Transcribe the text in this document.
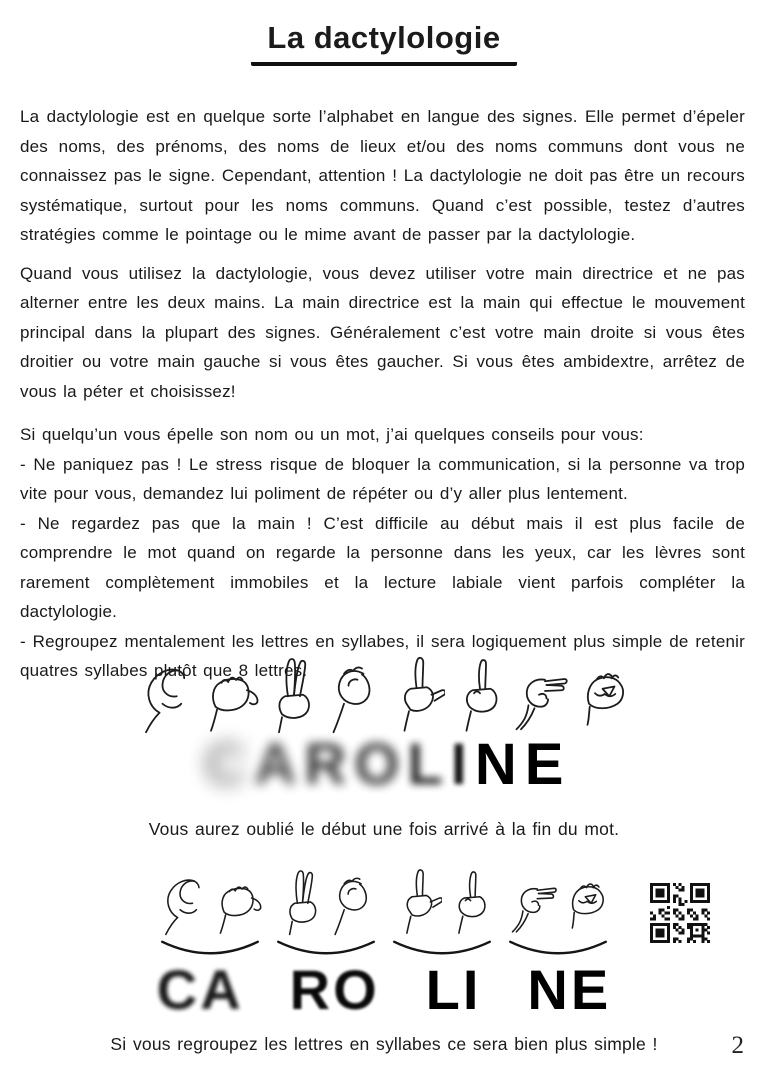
La dactylologie

La dactylologie est en quelque sorte l’alphabet en langue des signes. Elle permet d’épeler des noms, des prénoms, des noms de lieux et/ou des noms communs dont vous ne connaissez pas le signe. Cependant, attention ! La dactylologie ne doit pas être un recours systématique, surtout pour les noms communs. Quand c’est possible, testez d’autres stratégies comme le pointage ou le mime avant de passer par la dactylologie.

Quand vous utilisez la dactylologie, vous devez utiliser votre main directrice et ne pas alterner entre les deux mains. La main directrice est la main qui effectue le mouvement principal dans la plupart des signes. Généralement c’est votre main droite si vous êtes droitier ou votre main gauche si vous êtes gaucher. Si vous êtes ambidextre, arrêtez de vous la péter et choisissez!

Si quelqu’un vous épelle son nom ou un mot, j’ai quelques conseils pour vous:

- Ne paniquez pas ! Le stress risque de bloquer la communication, si la personne va trop vite pour vous, demandez lui poliment de répéter ou d’y aller plus lentement.

- Ne regardez pas que la main ! C’est difficile au début mais il est plus facile de comprendre le mot quand on regarde la personne dans les yeux, car les lèvres sont rarement complètement immobiles et la lecture labiale vient parfois compléter la dactylologie.

- Regroupez mentalement les lettres en syllabes, il sera logiquement plus simple de retenir quatres syllabes plutôt que 8 lettres.

C A R O L I N E
Vous aurez oublié le début une fois arrivé à la fin du mot.
CA RO LI NE
Si vous regroupez les lettres en syllabes ce sera bien plus simple !	2
